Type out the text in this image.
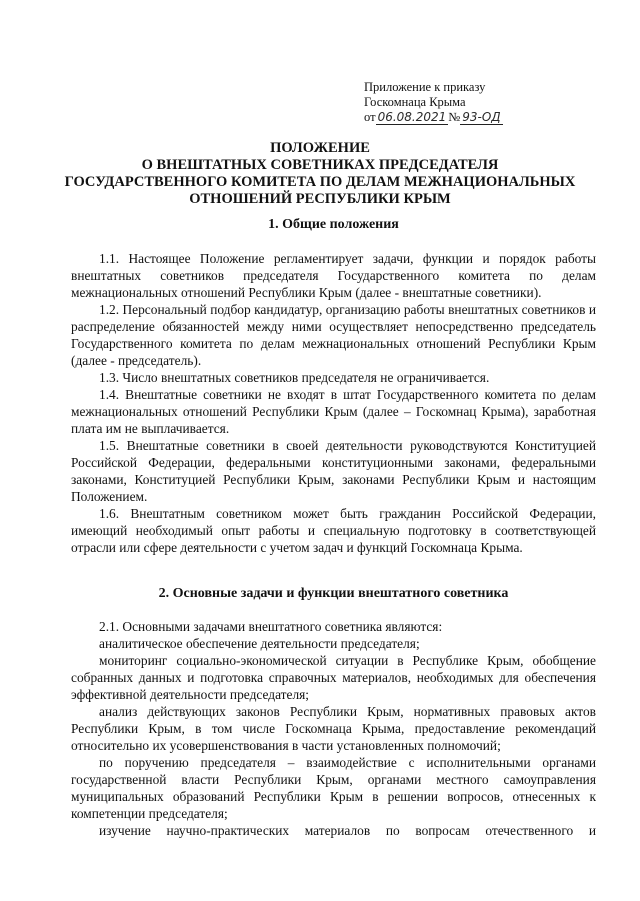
Приложение к приказу
Госкомнаца Крыма
от 06.08.2021 № 93-ОД
ПОЛОЖЕНИЕ
О ВНЕШТАТНЫХ СОВЕТНИКАХ ПРЕДСЕДАТЕЛЯ
ГОСУДАРСТВЕННОГО КОМИТЕТА ПО ДЕЛАМ МЕЖНАЦИОНАЛЬНЫХ
ОТНОШЕНИЙ РЕСПУБЛИКИ КРЫМ
1. Общие положения

1.1. Настоящее Положение регламентирует задачи, функции и порядок работы внештатных советников председателя Государственного комитета по делам межнациональных отношений Республики Крым (далее - внештатные советники).

1.2. Персональный подбор кандидатур, организацию работы внештатных советников и распределение обязанностей между ними осуществляет непосредственно председатель Государственного комитета по делам межнациональных отношений Республики Крым (далее - председатель).

1.3. Число внештатных советников председателя не ограничивается.

1.4. Внештатные советники не входят в штат Государственного комитета по делам межнациональных отношений Республики Крым (далее – Госкомнац Крыма), заработная плата им не выплачивается.

1.5. Внештатные советники в своей деятельности руководствуются Конституцией Российской Федерации, федеральными конституционными законами, федеральными законами, Конституцией Республики Крым, законами Республики Крым и настоящим Положением.

1.6. Внештатным советником может быть гражданин Российской Федерации, имеющий необходимый опыт работы и специальную подготовку в соответствующей отрасли или сфере деятельности с учетом задач и функций Госкомнаца Крыма.

2. Основные задачи и функции внештатного советника

2.1. Основными задачами внештатного советника являются:

аналитическое обеспечение деятельности председателя;

мониторинг социально-экономической ситуации в Республике Крым, обобщение собранных данных и подготовка справочных материалов, необходимых для обеспечения эффективной деятельности председателя;

анализ действующих законов Республики Крым, нормативных правовых актов Республики Крым, в том числе Госкомнаца Крыма, предоставление рекомендаций относительно их усовершенствования в части установленных полномочий;

по поручению председателя – взаимодействие с исполнительными органами государственной власти Республики Крым, органами местного самоуправления муниципальных образований Республики Крым в решении вопросов, отнесенных к компетенции председателя;

изучение научно-практических материалов по вопросам отечественного и
